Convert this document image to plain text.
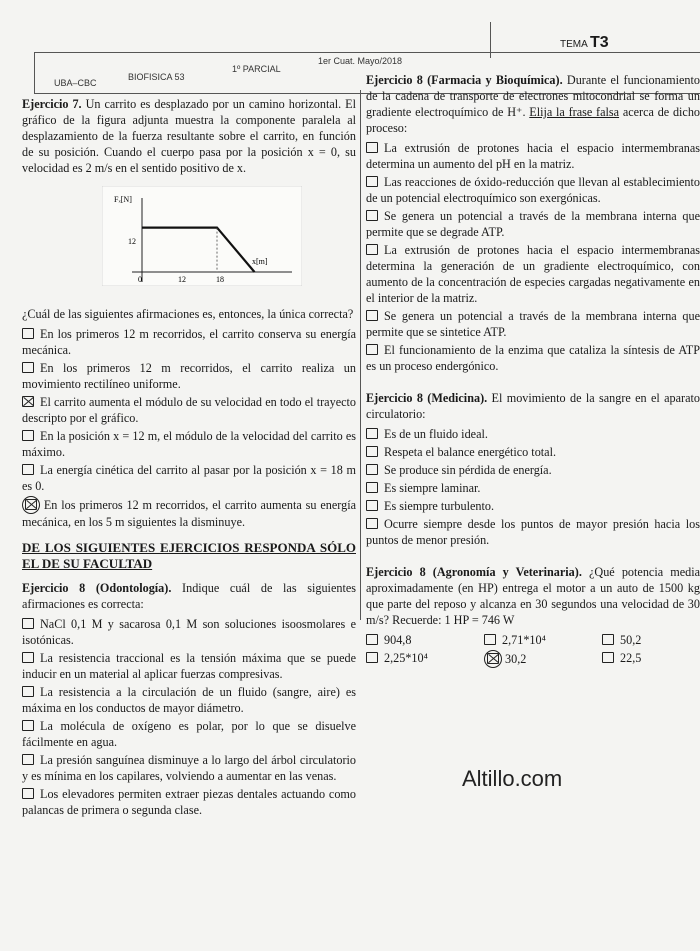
UBA–CBC
BIOFISICA 53
1º PARCIAL
1er Cuat. Mayo/2018
TEMA T3

Ejercicio 7. Un carrito es desplazado por un camino horizontal. El gráfico de la figura adjunta muestra la componente paralela al desplazamiento de la fuerza resultante sobre el carrito, en función de su posición. Cuando el cuerpo pasa por la posición x = 0, su velocidad es 2 m/s en el sentido positivo de x.

Fₓ[N]
x[m]
12
0	12	18

¿Cuál de las siguientes afirmaciones es, entonces, la única correcta?

En los primeros 12 m recorridos, el carrito conserva su energía mecánica.
En los primeros 12 m recorridos, el carrito realiza un movimiento rectilíneo uniforme.
El carrito aumenta el módulo de su velocidad en todo el trayecto descripto por el gráfico.
En la posición x = 12 m, el módulo de la velocidad del carrito es máximo.
La energía cinética del carrito al pasar por la posición x = 18 m es 0.
En los primeros 12 m recorridos, el carrito aumenta su energía mecánica, en los 5 m siguientes la disminuye.
DE LOS SIGUIENTES EJERCICIOS RESPONDA SÓLO EL DE SU FACULTAD

Ejercicio 8 (Odontología). Indique cuál de las siguientes afirmaciones es correcta:

NaCl 0,1 M y sacarosa 0,1 M son soluciones isoosmolares e isotónicas.
La resistencia traccional es la tensión máxima que se puede inducir en un material al aplicar fuerzas compresivas.
La resistencia a la circulación de un fluido (sangre, aire) es máxima en los conductos de mayor diámetro.
La molécula de oxígeno es polar, por lo que se disuelve fácilmente en agua.
La presión sanguínea disminuye a lo largo del árbol circulatorio y es mínima en los capilares, volviendo a aumentar en las venas.
Los elevadores permiten extraer piezas dentales actuando como palancas de primera o segunda clase.

Ejercicio 8 (Farmacia y Bioquímica). Durante el funcionamiento de la cadena de transporte de electrones mitocondrial se forma un gradiente electroquímico de H⁺. Elija la frase falsa acerca de dicho proceso:

La extrusión de protones hacia el espacio intermembranas determina un aumento del pH en la matriz.
Las reacciones de óxido-reducción que llevan al establecimiento de un potencial electroquímico son exergónicas.
Se genera un potencial a través de la membrana interna que permite que se degrade ATP.
La extrusión de protones hacia el espacio intermembranas determina la generación de un gradiente electroquímico, con aumento de la concentración de especies cargadas negativamente en el interior de la matriz.
Se genera un potencial a través de la membrana interna que permite que se sintetice ATP.
El funcionamiento de la enzima que cataliza la síntesis de ATP es un proceso endergónico.

Ejercicio 8 (Medicina). El movimiento de la sangre en el aparato circulatorio:

Es de un fluido ideal.
Respeta el balance energético total.
Se produce sin pérdida de energía.
Es siempre laminar.
Es siempre turbulento.
Ocurre siempre desde los puntos de mayor presión hacia los puntos de menor presión.

Ejercicio 8 (Agronomía y Veterinaria). ¿Qué potencia media aproximadamente (en HP) entrega el motor a un auto de 1500 kg que parte del reposo y alcanza en 30 segundos una velocidad de 30 m/s? Recuerde: 1 HP = 746 W

904,8	2,71*10⁴	50,2
2,25*10⁴	30,2	22,5
Altillo.com
